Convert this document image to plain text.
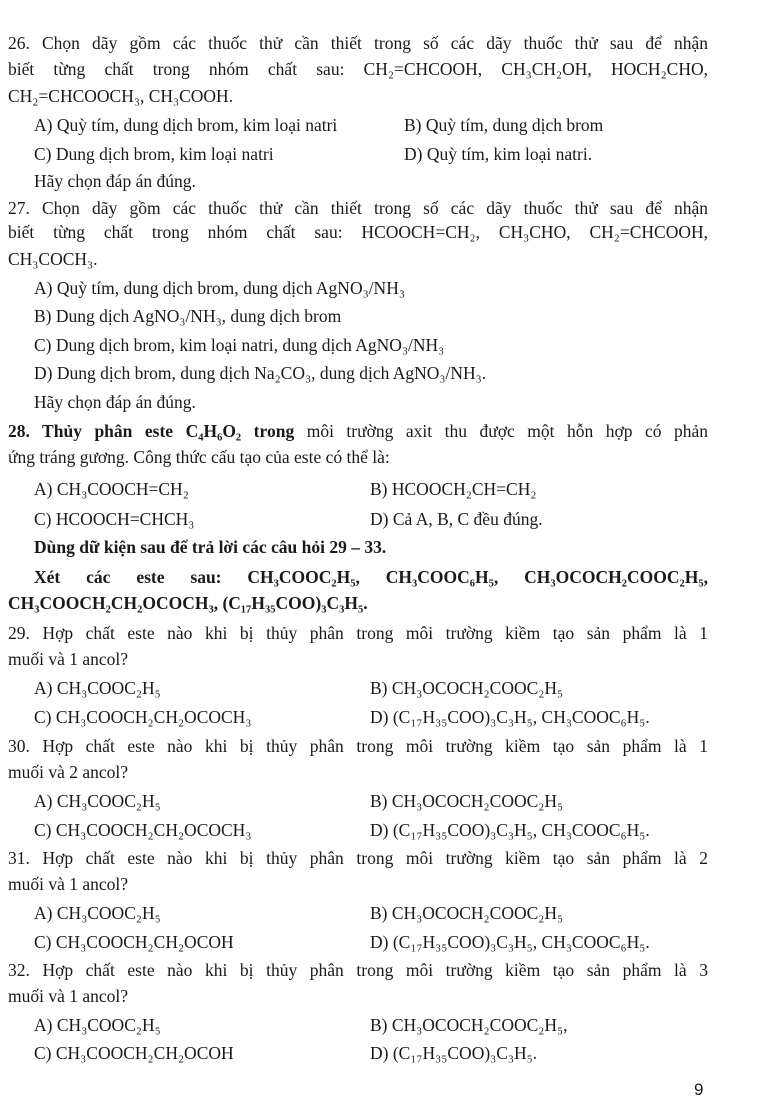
26. Chọn dãy gồm các thuốc thử cần thiết trong số các dãy thuốc thử sau để nhận
biết từng chất trong nhóm chất sau: CH₂=CHCOOH, CH₃CH₂OH, HOCH₂CHO,
CH₂=CHCOOCH₃, CH₃COOH.
A) Quỳ tím, dung dịch brom, kim loại natri	B) Quỳ tím, dung dịch brom
C) Dung dịch brom, kim loại natri	D) Quỳ tím, kim loại natri.
Hãy chọn đáp án đúng.
27. Chọn dãy gồm các thuốc thử cần thiết trong số các dãy thuốc thử sau để nhận
biết từng chất trong nhóm chất sau: HCOOCH=CH₂, CH₃CHO, CH₂=CHCOOH,
CH₃COCH₃.
A) Quỳ tím, dung dịch brom, dung dịch AgNO₃/NH₃
B) Dung dịch AgNO₃/NH₃, dung dịch brom
C) Dung dịch brom, kim loại natri, dung dịch AgNO₃/NH₃
D) Dung dịch brom, dung dịch Na₂CO₃, dung dịch AgNO₃/NH₃.
Hãy chọn đáp án đúng.
28. Thủy phân este C₄H₆O₂ trong môi trường axit thu được một hỗn hợp có phản
ứng tráng gương. Công thức cấu tạo của este có thể là:
A) CH₃COOCH=CH₂	B) HCOOCH₂CH=CH₂
C) HCOOCH=CHCH₃	D) Cả A, B, C đều đúng.
Dùng dữ kiện sau để trả lời các câu hỏi 29 – 33.
Xét các este sau: CH₃COOC₂H₅, CH₃COOC₆H₅, CH₃OCOCH₂COOC₂H₅,
CH₃COOCH₂CH₂OCOCH₃, (C₁₇H₃₅COO)₃C₃H₅.
29. Hợp chất este nào khi bị thủy phân trong môi trường kiềm tạo sản phẩm là 1
muối và 1 ancol?
A) CH₃COOC₂H₅	B) CH₃OCOCH₂COOC₂H₅
C) CH₃COOCH₂CH₂OCOCH₃	D) (C₁₇H₃₅COO)₃C₃H₅, CH₃COOC₆H₅.
30. Hợp chất este nào khi bị thủy phân trong môi trường kiềm tạo sản phẩm là 1
muối và 2 ancol?
A) CH₃COOC₂H₅	B) CH₃OCOCH₂COOC₂H₅
C) CH₃COOCH₂CH₂OCOCH₃	D) (C₁₇H₃₅COO)₃C₃H₅, CH₃COOC₆H₅.
31. Hợp chất este nào khi bị thủy phân trong môi trường kiềm tạo sản phẩm là 2
muối và 1 ancol?
A) CH₃COOC₂H₅	B) CH₃OCOCH₂COOC₂H₅
C) CH₃COOCH₂CH₂OCOH	D) (C₁₇H₃₅COO)₃C₃H₅, CH₃COOC₆H₅.
32. Hợp chất este nào khi bị thủy phân trong môi trường kiềm tạo sản phẩm là 3
muối và 1 ancol?
A) CH₃COOC₂H₅	B) CH₃OCOCH₂COOC₂H₅,
C) CH₃COOCH₂CH₂OCOH	D) (C₁₇H₃₅COO)₃C₃H₅.
9
